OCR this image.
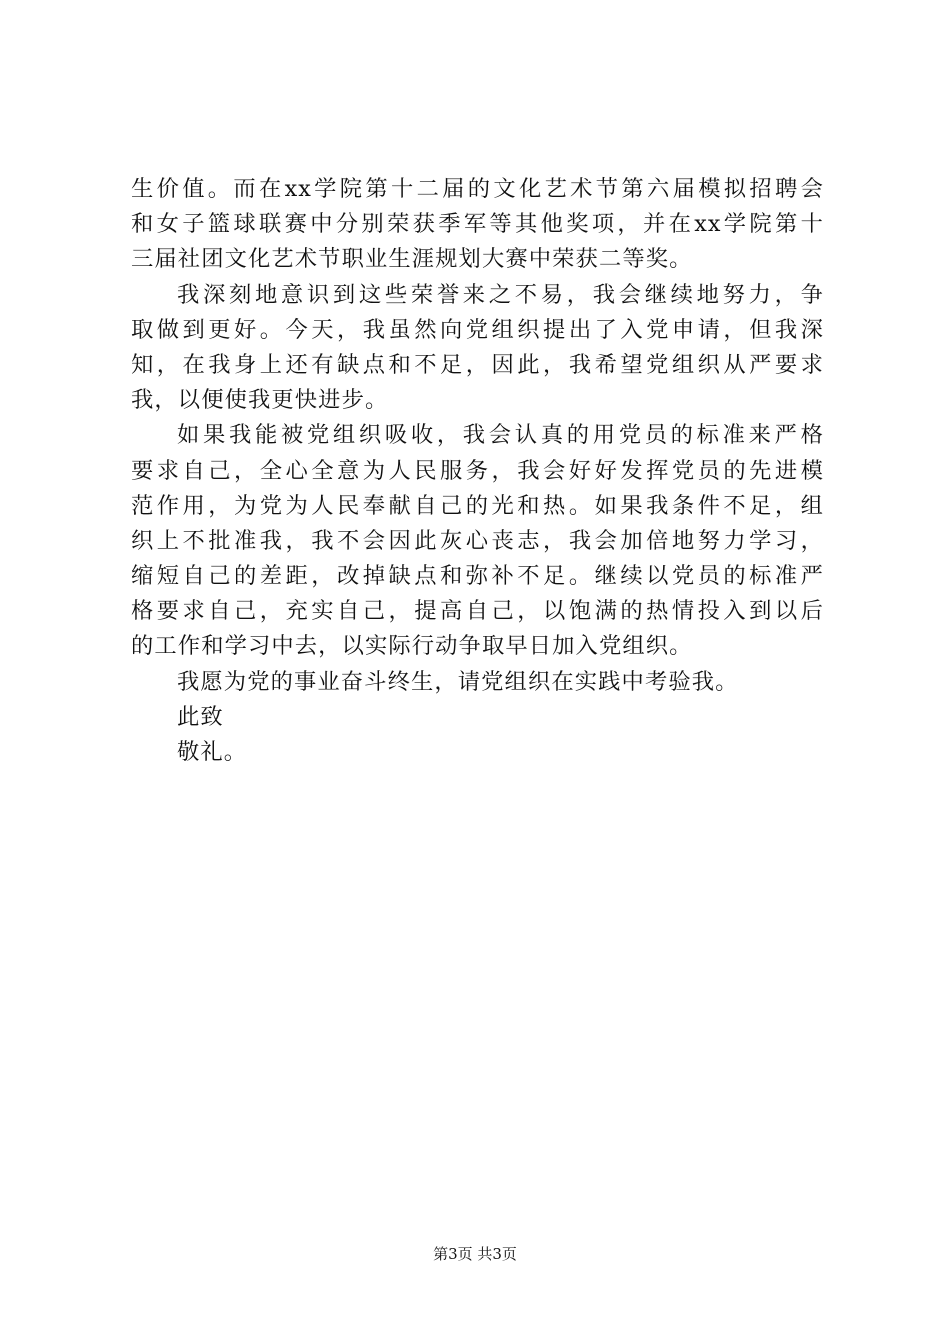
生价值。而在xx学院第十二届的文化艺术节第六届模拟招聘会
和女子篮球联赛中分别荣获季军等其他奖项，并在xx学院第十
三届社团文化艺术节职业生涯规划大赛中荣获二等奖。
我深刻地意识到这些荣誉来之不易，我会继续地努力，争
取做到更好。今天，我虽然向党组织提出了入党申请，但我深
知，在我身上还有缺点和不足，因此，我希望党组织从严要求
我，以便使我更快进步。
如果我能被党组织吸收，我会认真的用党员的标准来严格
要求自己，全心全意为人民服务，我会好好发挥党员的先进模
范作用，为党为人民奉献自己的光和热。如果我条件不足，组
织上不批准我，我不会因此灰心丧志，我会加倍地努力学习，
缩短自己的差距，改掉缺点和弥补不足。继续以党员的标准严
格要求自己，充实自己，提高自己，以饱满的热情投入到以后
的工作和学习中去，以实际行动争取早日加入党组织。
我愿为党的事业奋斗终生，请党组织在实践中考验我。
此致
敬礼。
第3页 共3页
